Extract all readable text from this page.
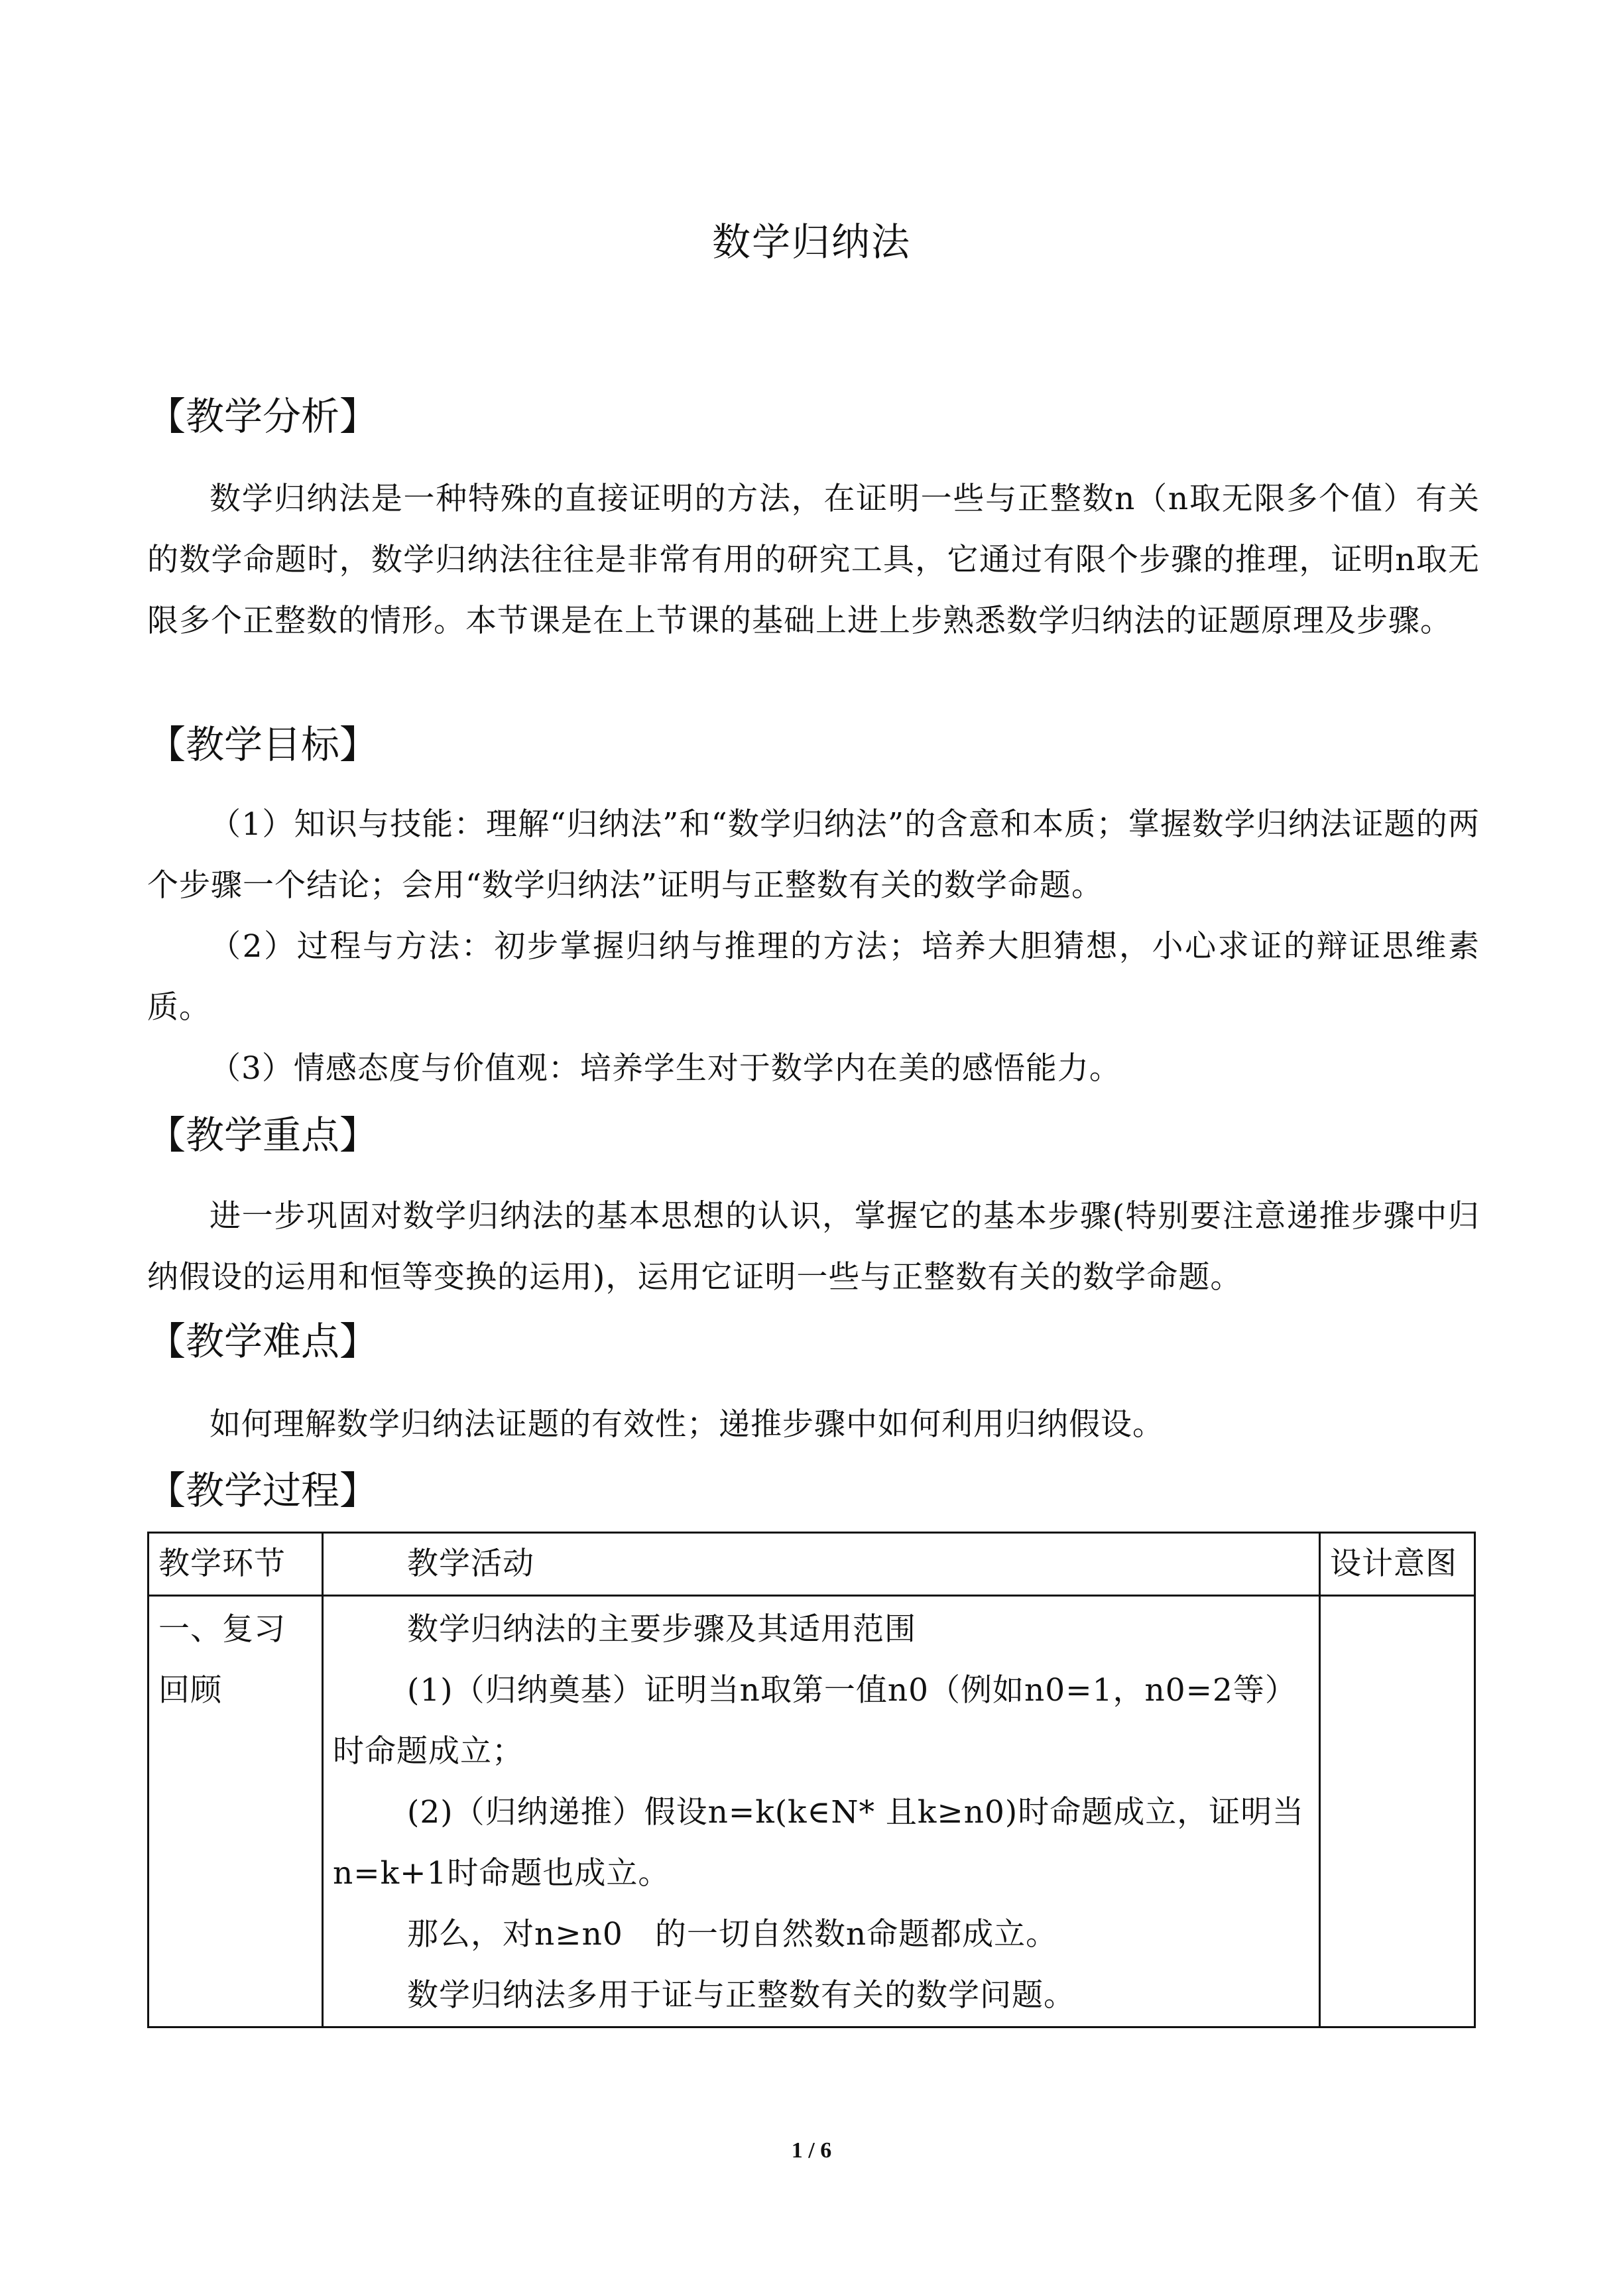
数学归纳法
【教学分析】

数学归纳法是一种特殊的直接证明的方法，在证明一些与正整数n（n取无限多个值）有关的数学命题时，数学归纳法往往是非常有用的研究工具，它通过有限个步骤的推理，证明n取无限多个正整数的情形。本节课是在上节课的基础上进上步熟悉数学归纳法的证题原理及步骤。

【教学目标】

（1）知识与技能：理解“归纳法”和“数学归纳法”的含意和本质；掌握数学归纳法证题的两个步骤一个结论；会用“数学归纳法”证明与正整数有关的数学命题。

（2）过程与方法：初步掌握归纳与推理的方法；培养大胆猜想，小心求证的辩证思维素质。

（3）情感态度与价值观：培养学生对于数学内在美的感悟能力。

【教学重点】

进一步巩固对数学归纳法的基本思想的认识，掌握它的基本步骤(特别要注意递推步骤中归纳假设的运用和恒等变换的运用)，运用它证明一些与正整数有关的数学命题。

【教学难点】

如何理解数学归纳法证题的有效性；递推步骤中如何利用归纳假设。

【教学过程】
教学环节	教学活动	设计意图
一、复习回顾	数学归纳法的主要步骤及其适用范围

(1)（归纳奠基）证明当n取第一值n0（例如n0=1，n0=2等）时命题成立；

(2)（归纳递推）假设n=k(k∈N* 且k≥n0)时命题成立，证明当n=k+1时命题也成立。

那么，对n≥n0　的一切自然数n命题都成立。

数学归纳法多用于证与正整数有关的数学问题。	

1 / 6
